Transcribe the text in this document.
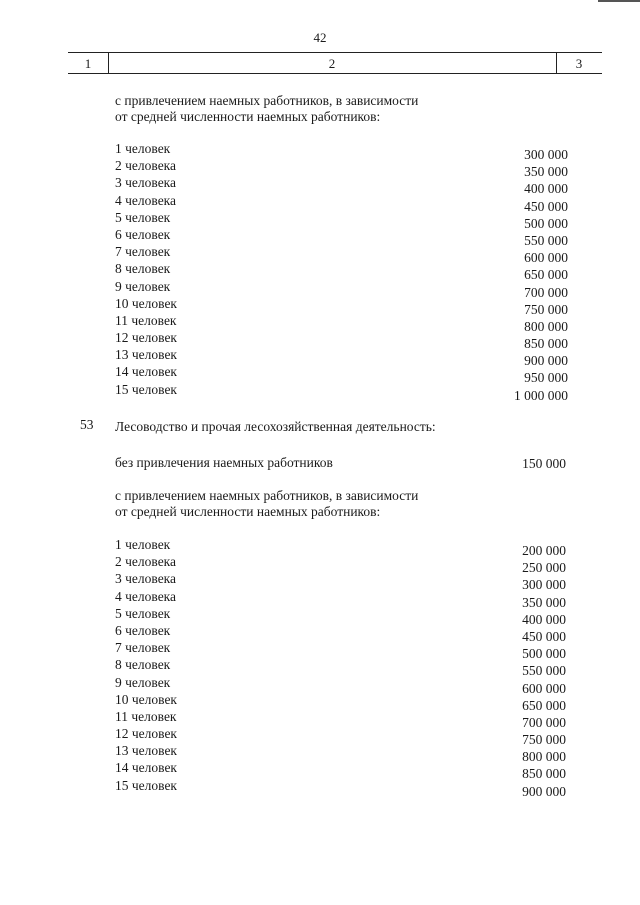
42
1	2	3
с привлечением наемных работников, в зависимости
от средней численности наемных работников:
1 человек	300 000
2 человека	350 000
3 человека	400 000
4 человека	450 000
5 человек	500 000
6 человек	550 000
7 человек	600 000
8 человек	650 000
9 человек	700 000
10 человек	750 000
11 человек	800 000
12 человек	850 000
13 человек	900 000
14 человек	950 000
15 человек	1 000 000
53 Лесоводство и прочая лесохозяйственная деятельность:
без привлечения наемных работников	150 000
с привлечением наемных работников, в зависимости
от средней численности наемных работников:
1 человек	200 000
2 человека	250 000
3 человека	300 000
4 человека	350 000
5 человек	400 000
6 человек	450 000
7 человек	500 000
8 человек	550 000
9 человек	600 000
10 человек	650 000
11 человек	700 000
12 человек	750 000
13 человек	800 000
14 человек	850 000
15 человек	900 000
